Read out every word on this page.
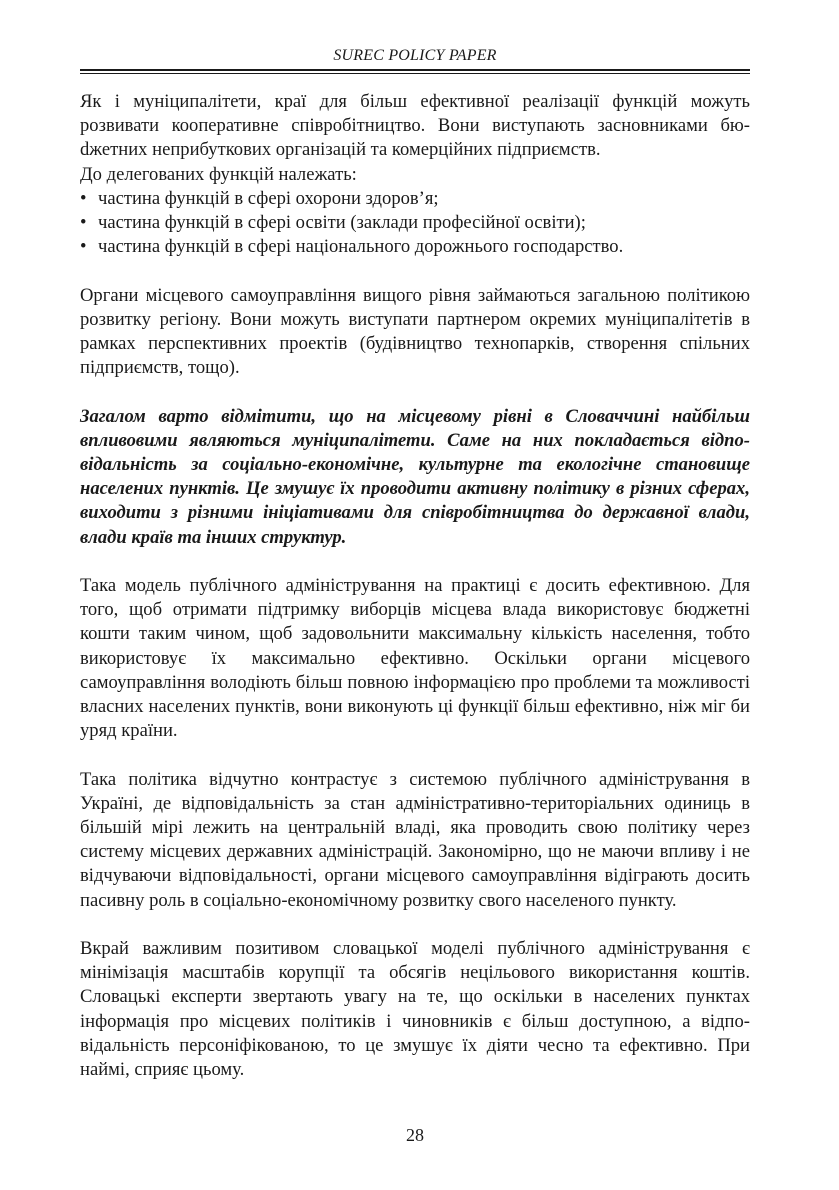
SUREC POLICY PAPER

Як і муніципалітети, краї для більш ефективної реалізації функцій можуть розвивати кооперативне співробітництво. Вони виступають засновниками бюdжетних неприбуткових організацій та комерційних підприємств.

До делегованих функцій належать:

• частина функцій в сфері охорони здоров’я;
• частина функцій в сфері освіти (заклади професійної освіти);
• частина функцій в сфері національного дорожнього господарство.

Органи місцевого самоуправління вищого рівня займаються загальною політикою розвитку регіону. Вони можуть виступати партнером окремих муніципалітетів в рамках перспективних проектів (будівництво технопарків, створення спільних підприємств, тощо).

Загалом варто відмітити, що на місцевому рівні в Словаччині найбільш впливовими являються муніципалітети. Саме на них покладається відповідальність за соціально-економічне, культурне та екологічне становище населених пунктів. Це змушує їх проводити активну політику в різних сферах, виходити з різними ініціативами для співробітництва до державної влади, влади країв та інших структур.

Така модель публічного адміністрування на практиці є досить ефективною. Для того, щоб отримати підтримку виборців місцева влада використовує бюджетні кошти таким чином, щоб задовольнити максимальну кількість населення, тобто використовує їх максимально ефективно. Оскільки органи місцевого самоуправління володіють більш повною інформацією про проблеми та можливості власних населених пунктів, вони виконують ці функції більш ефективно, ніж міг би уряд країни.

Така політика відчутно контрастує з системою публічного адміністрування в Україні, де відповідальність за стан адміністративно-територіальних одиниць в більшій мірі лежить на центральній владі, яка проводить свою політику через систему місцевих державних адміністрацій. Закономірно, що не маючи впливу і не відчуваючи відповідальності, органи місцевого самоуправління відіграють досить пасивну роль в соціально-економічному розвитку свого населеного пункту.

Вкрай важливим позитивом словацької моделі публічного адміністрування є мінімізація масштабів корупції та обсягів нецільового використання коштів. Словацькі експерти звертають увагу на те, що оскільки в населених пунктах інформація про місцевих політиків і чиновників є більш доступною, а відповідальність персоніфікованою, то це змушує їх діяти чесно та ефективно. При наймі, сприяє цьому.

28
